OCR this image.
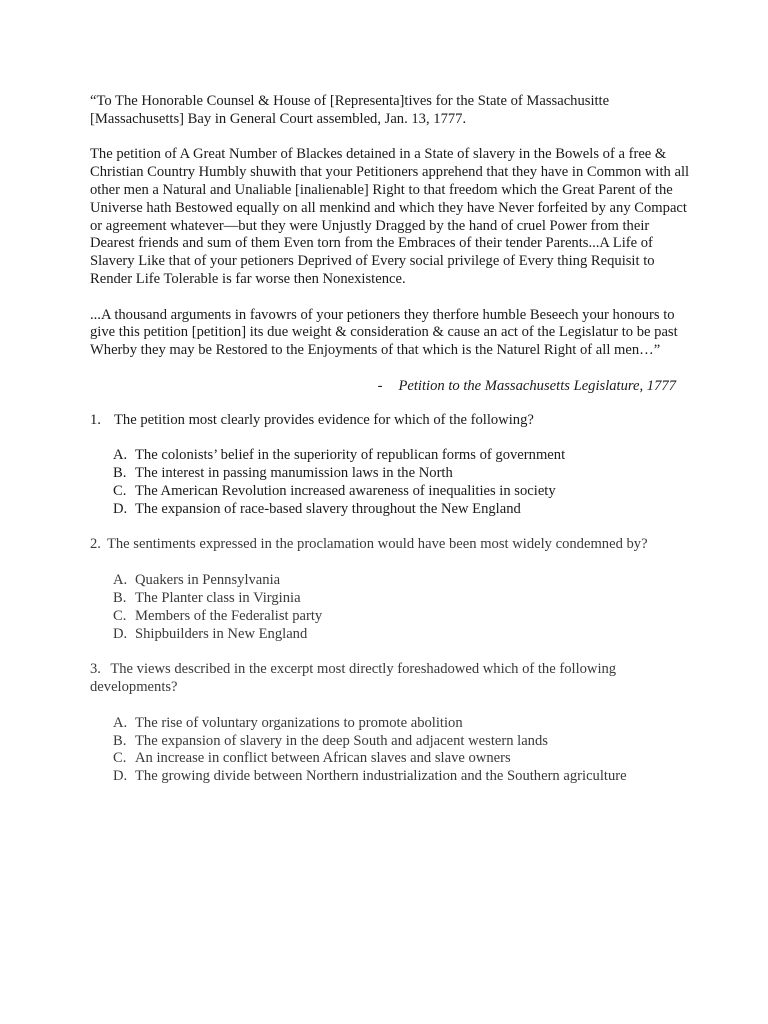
“To The Honorable Counsel & House of [Representa]tives for the State of Massachusitte [Massachusetts] Bay in General Court assembled, Jan. 13, 1777.

The petition of A Great Number of Blackes detained in a State of slavery in the Bowels of a free & Christian Country Humbly shuwith that your Petitioners apprehend that they have in Common with all other men a Natural and Unaliable [inalienable] Right to that freedom which the Great Parent of the Universe hath Bestowed equally on all menkind and which they have Never forfeited by any Compact or agreement whatever—but they were Unjustly Dragged by the hand of cruel Power from their Dearest friends and sum of them Even torn from the Embraces of their tender Parents...A Life of Slavery Like that of your petioners Deprived of Every social privilege of Every thing Requisit to Render Life Tolerable is far worse then Nonexistence.

...A thousand arguments in favowrs of your petioners they therfore humble Beseech your honours to give this petition [petition] its due weight & consideration & cause an act of the Legislatur to be past Wherby they may be Restored to the Enjoyments of that which is the Naturel Right of all men…”

- Petition to the Massachusetts Legislature, 1777

1. The petition most clearly provides evidence for which of the following?

A. The colonists’ belief in the superiority of republican forms of government
B. The interest in passing manumission laws in the North
C. The American Revolution increased awareness of inequalities in society
D. The expansion of race-based slavery throughout the New England

2. The sentiments expressed in the proclamation would have been most widely condemned by?

A. Quakers in Pennsylvania
B. The Planter class in Virginia
C. Members of the Federalist party
D. Shipbuilders in New England

3. The views described in the excerpt most directly foreshadowed which of the following developments?

A. The rise of voluntary organizations to promote abolition
B. The expansion of slavery in the deep South and adjacent western lands
C. An increase in conflict between African slaves and slave owners
D. The growing divide between Northern industrialization and the Southern agriculture
